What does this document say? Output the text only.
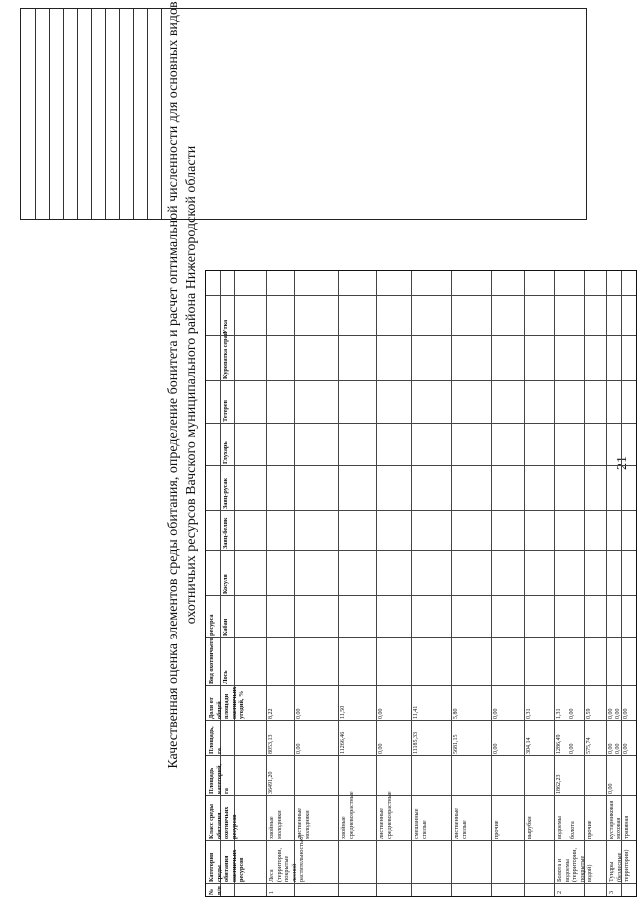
21
Качественная оценка элементов среды обитания, определение бонитета и расчет оптимальной численности для основных видов охотничьих ресурсов Вачского муниципального района Нижегородской области
№ п/п
Категория среды обитания охотничьих ресурсов
Класс среды обитания охотничьих ресурсов
Площадь категорий, га
Площадь, га
Доля от общей площади охотничьих угодий, %
Вид охотничьего ресурса Лось
Кабан
Косуля
Заяц-беляк
Заяц-русак
Глухарь
Тетерев
Куропатка серая
Утка
1
Леса (территории, покрытые лесной растительностью)
36491,20
хвойные молодняки
8053,13
8,22
лиственные молодняки
0,00
0,00
хвойные средневозрастные
11266,46
11,50
лиственные средневозрастные
0,00
0,00
смешанные спелые
11185,33
11,41
лиственные спелые
5681,15
5,80
прочие
0,00
0,00
вырубки
304,14
0,31
2
Болота и водоемы (территории, покрытые водой)
1862,23
водоемы
1286,49
1,31
болота
0,00
0,00
прочие
575,74
0,59
3
Тундры (безлесные территории)
0,00
кустарниковая
0,00
0,00
моховая
0,00
0,00
травяная
0,00
0,00
